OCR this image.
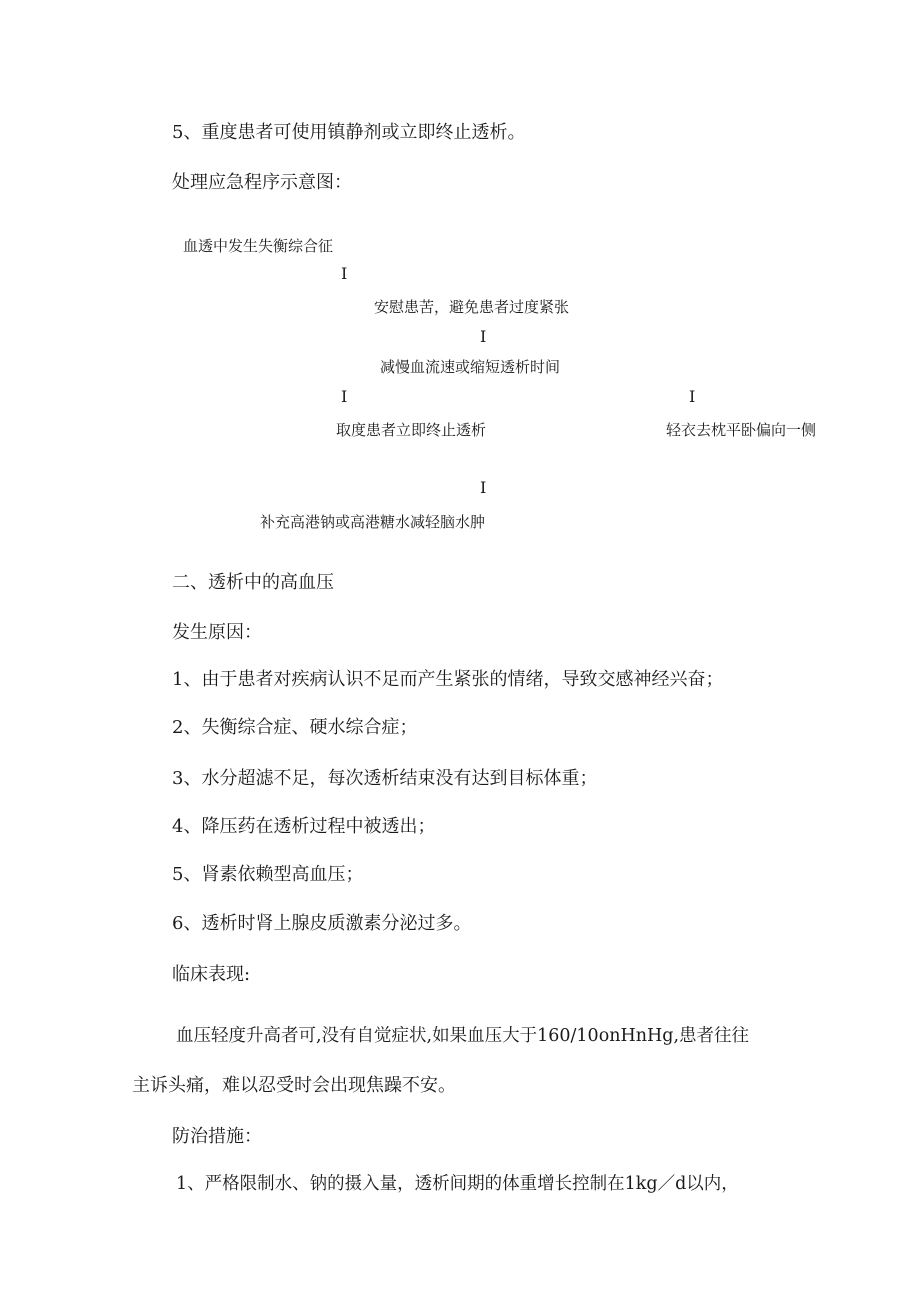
5、重度患者可使用镇静剂或立即终止透析。
处理应急程序示意图：
血透中发生失衡综合征
I
安慰患苦，避免患者过度紧张
I
减慢血流速或缩短透析时间
I	I
取度患者立即终止透析	轻衣去枕平卧偏向一侧
I
补充高港钠或高港糖水减轻脑水肿
二、透析中的高血压
发生原因：
1、由于患者对疾病认识不足而产生紧张的情绪，导致交感神经兴奋；
2、失衡综合症、硬水综合症；
3、水分超滤不足，每次透析结束没有达到目标体重；
4、降压药在透析过程中被透出；
5、肾素依赖型高血压；
6、透析时肾上腺皮质激素分泌过多。
临床表现:
血压轻度升高者可,没有自觉症状,如果血压大于160/10onHnHg,患者往往
主诉头痛，难以忍受时会出现焦躁不安。
防治措施：
1、严格限制水、钠的摄入量，透析间期的体重增长控制在1kg／d以内，
